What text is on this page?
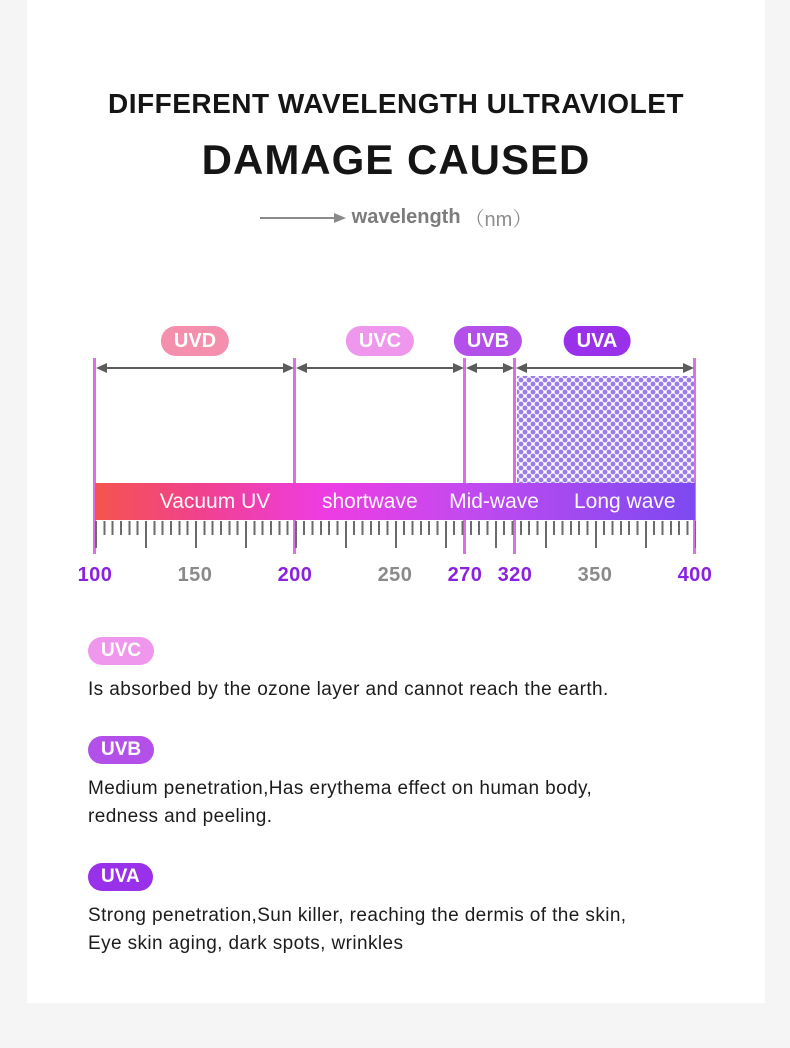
DIFFERENT WAVELENGTH ULTRAVIOLET
DAMAGE CAUSED
wavelength （nm）
UVD	UVC	UVB	UVA
Vacuum UV shortwave Mid-wave Long wave
100	150	200	250 270 320 350	400
UVC
Is absorbed by the ozone layer and cannot reach the earth.
UVB
Medium penetration,Has erythema effect on human body,
redness and peeling.
UVA
Strong penetration,Sun killer, reaching the dermis of the skin,
Eye skin aging, dark spots, wrinkles
